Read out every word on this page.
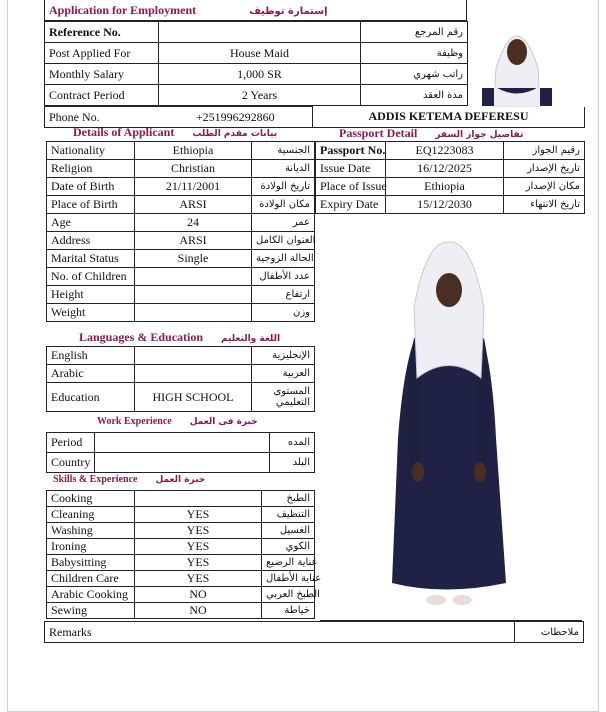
Application for Employment	إستمارة توظيف
Reference No.		رقم المرجع
Post Applied For	House Maid	وظيفة
Monthly Salary	1,000 SR	راتب شهري
Contract Period	2 Years	مدة العقد
Phone No.	+251996292860	ADDIS KETEMA DEFERESU
Details of Applicant بيانات مقدم الطلب	Passport Detail تفاصيل جواز السفر
Nationality	Ethiopia	الجنسية
Religion	Christian	الديانة
Date of Birth	21/11/2001	تاريخ الولادة
Place of Birth	ARSI	مكان الولادة
Age	24	عمر
Address	ARSI	العنوان الكامل
Marital Status	Single	الحالة الزوجية
No. of Children		عدد الأطفال
Height		ارتفاع
Weight		وزن
Passport No.	EQ1223083	رقيم الجواز
Issue Date	16/12/2025	تاريخ الإصدار
Place of Issue	Ethiopia	مكان الإصدار
Expiry Date	15/12/2030	تاريخ الانتهاء
Languages & Education اللغة والتعليم
English		الإنجليزية
Arabic		العربية
Education	HIGH SCHOOL	المستوى التعليمي
Work Experience خبرة فى العمل
Period		المده
Country		البلد
Skills & Experience خبرة العمل
Cooking		الطبخ
Cleaning	YES	التنظيف
Washing	YES	الغسيل
Ironing	YES	الكوي
Babysitting	YES	عناية الرضيع
Children Care	YES	عناية الأطفال
Arabic Cooking	NO	الطبخ العربي
Sewing	NO	خياطة
Remarks	ملاحظات
